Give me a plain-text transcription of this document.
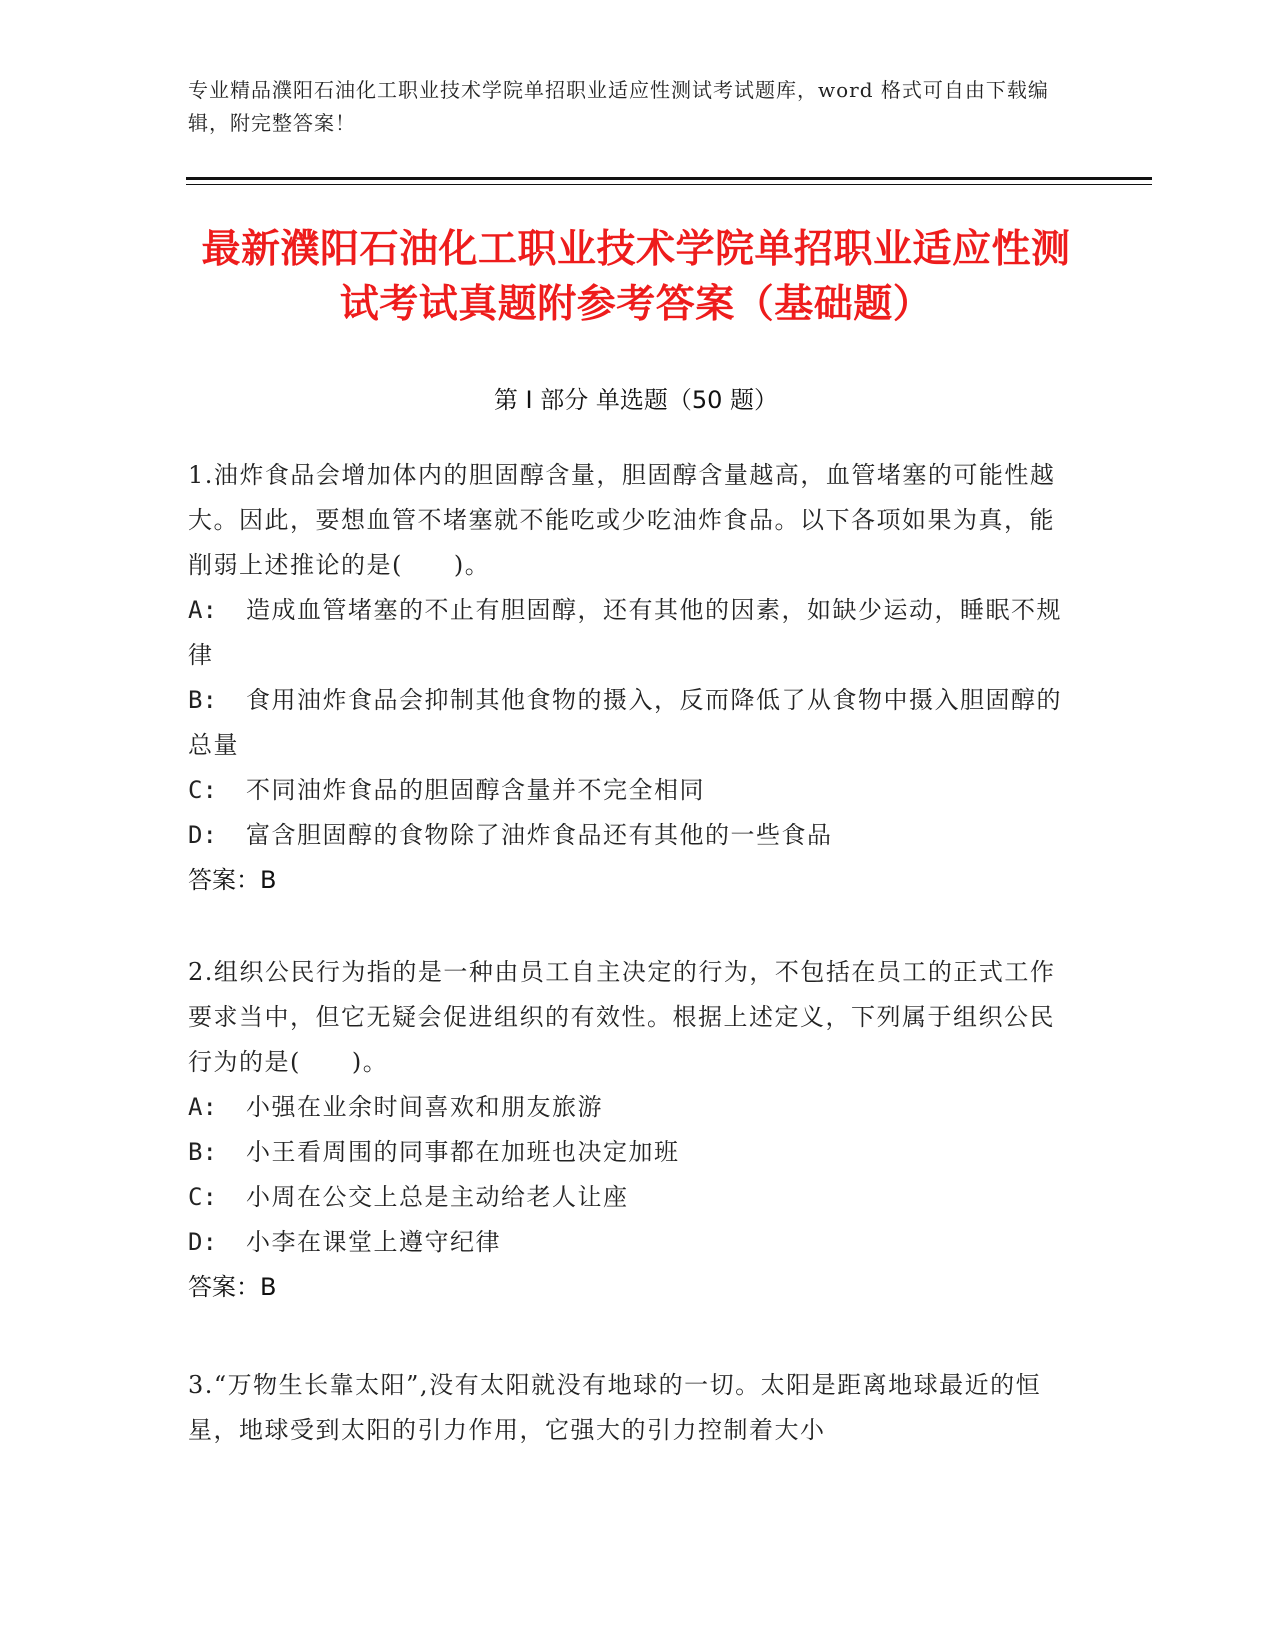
专业精品濮阳石油化工职业技术学院单招职业适应性测试考试题库，word 格式可自由下载编辑，附完整答案！
最新濮阳石油化工职业技术学院单招职业适应性测试考试真题附参考答案（基础题）
第 I 部分 单选题（50 题）
1.油炸食品会增加体内的胆固醇含量，胆固醇含量越高，血管堵塞的可能性越大。因此，要想血管不堵塞就不能吃或少吃油炸食品。以下各项如果为真，能削弱上述推论的是(　　)。
A: 造成血管堵塞的不止有胆固醇，还有其他的因素，如缺少运动，睡眠不规律
B: 食用油炸食品会抑制其他食物的摄入，反而降低了从食物中摄入胆固醇的总量
C: 不同油炸食品的胆固醇含量并不完全相同
D: 富含胆固醇的食物除了油炸食品还有其他的一些食品
答案：B
2.组织公民行为指的是一种由员工自主决定的行为，不包括在员工的正式工作 要求当中，但它无疑会促进组织的有效性。根据上述定义，下列属于组织公民行为的是(　　)。
A: 小强在业余时间喜欢和朋友旅游
B: 小王看周围的同事都在加班也决定加班
C: 小周在公交上总是主动给老人让座
D: 小李在课堂上遵守纪律
答案：B
3.“万物生长靠太阳”,没有太阳就没有地球的一切。太阳是距离地球最近的恒　星，地球受到太阳的引力作用，它强大的引力控制着大小
